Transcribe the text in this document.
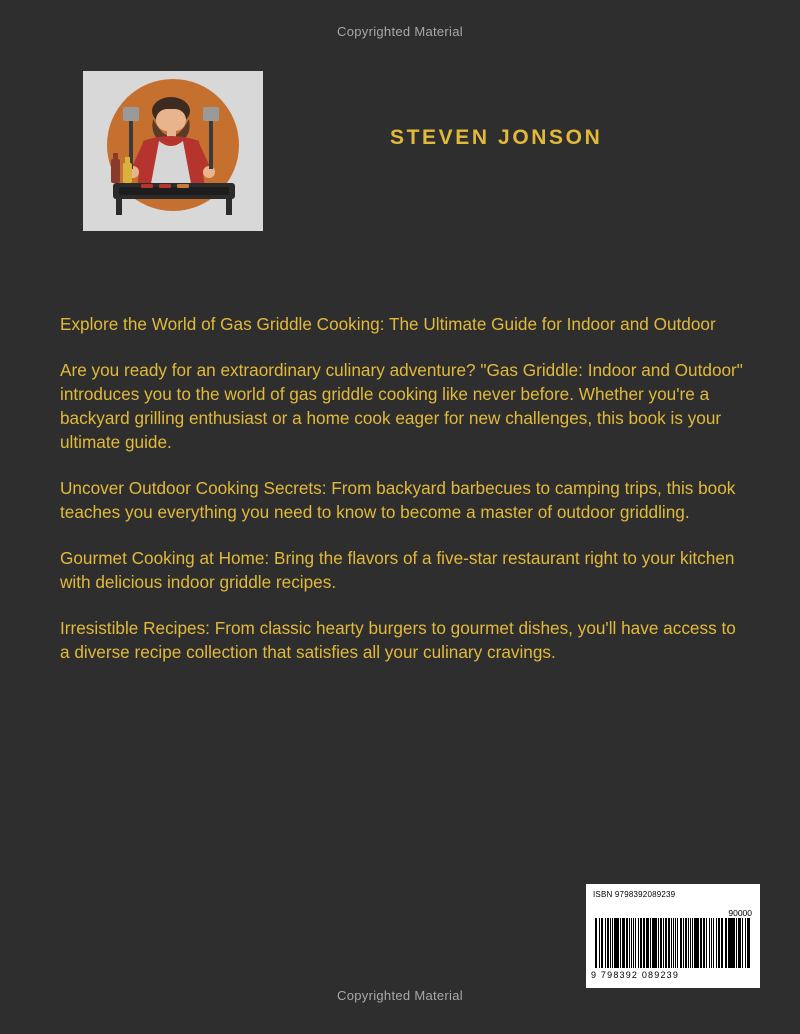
Copyrighted Material
STEVEN JONSON

Explore the World of Gas Griddle Cooking: The Ultimate Guide for Indoor and Outdoor

Are you ready for an extraordinary culinary adventure? "Gas Griddle: Indoor and Outdoor" introduces you to the world of gas griddle cooking like never before. Whether you're a backyard grilling enthusiast or a home cook eager for new challenges, this book is your ultimate guide.

Uncover Outdoor Cooking Secrets: From backyard barbecues to camping trips, this book teaches you everything you need to know to become a master of outdoor griddling.

Gourmet Cooking at Home: Bring the flavors of a five-star restaurant right to your kitchen with delicious indoor griddle recipes.

Irresistible Recipes: From classic hearty burgers to gourmet dishes, you'll have access to a diverse recipe collection that satisfies all your culinary cravings.

ISBN 9798392089239
90000
9 798392 089239
Copyrighted Material
